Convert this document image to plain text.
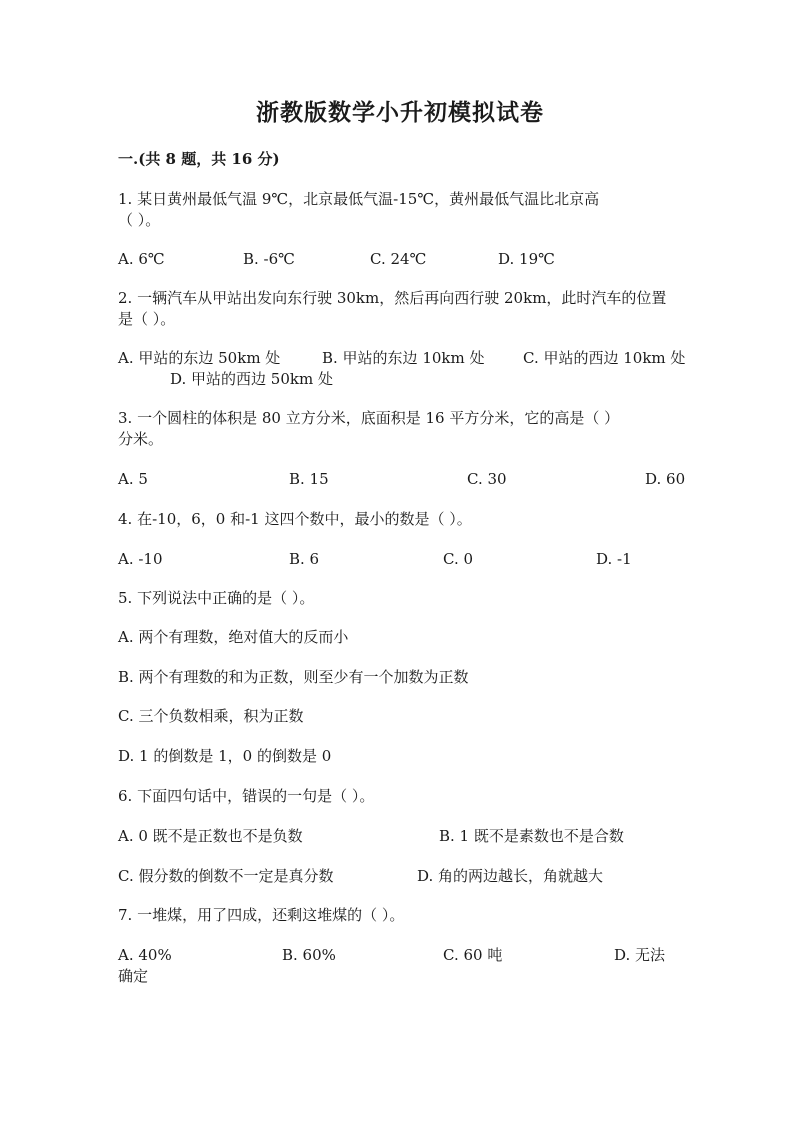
浙教版数学小升初模拟试卷
一.(共 8 题，共 16 分)
1. 某日黄州最低气温 9℃，北京最低气温-15℃，黄州最低气温比北京高
（ ）。
A. 6℃	B. -6℃	C. 24℃	D. 19℃
2. 一辆汽车从甲站出发向东行驶 30km，然后再向西行驶 20km，此时汽车的位置
是（ ）。
A. 甲站的东边 50km 处	B. 甲站的东边 10km 处	C. 甲站的西边 10km 处
D. 甲站的西边 50km 处
3. 一个圆柱的体积是 80 立方分米，底面积是 16 平方分米，它的高是（ ）
分米。
A. 5	B. 15	C. 30	D. 60
4. 在-10，6，0 和-1 这四个数中，最小的数是（ ）。
A. -10	B. 6	C. 0	D. -1
5. 下列说法中正确的是（ ）。
A. 两个有理数，绝对值大的反而小
B. 两个有理数的和为正数，则至少有一个加数为正数
C. 三个负数相乘，积为正数
D. 1 的倒数是 1，0 的倒数是 0
6. 下面四句话中，错误的一句是（ ）。
A. 0 既不是正数也不是负数	B. 1 既不是素数也不是合数
C. 假分数的倒数不一定是真分数	D. 角的两边越长，角就越大
7. 一堆煤，用了四成，还剩这堆煤的（ ）。
A. 40%	B. 60%	C. 60 吨	D. 无法
确定
